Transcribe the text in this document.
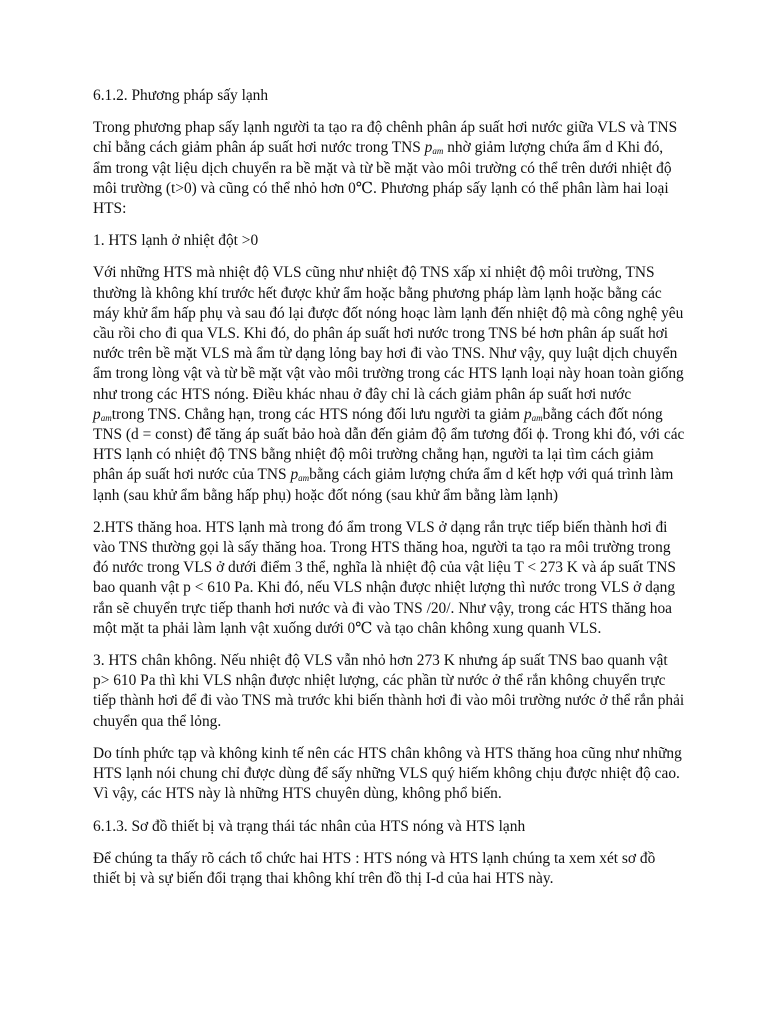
6.1.2. Phương pháp sấy lạnh

Trong phương phap sấy lạnh người ta tạo ra độ chênh phân áp suất hơi nước giữa VLS và TNS chỉ bằng cách giảm phân áp suất hơi nước trong TNS $p_{am}$ nhờ giảm lượng chứa ẩm d Khi đó, ẩm trong vật liệu dịch chuyển ra bề mặt và từ bề mặt vào môi trường có thể trên dưới nhiệt độ môi trường (t>0) và cũng có thể nhỏ hơn 0℃. Phương pháp sấy lạnh có thể phân làm hai loại HTS:

1. HTS lạnh ở nhiệt đột >0

Với những HTS mà nhiệt độ VLS cũng như nhiệt độ TNS xấp xỉ nhiệt độ môi trường, TNS thường là không khí trước hết được khử ẩm hoặc bằng phương pháp làm lạnh hoặc bằng các máy khử ẩm hấp phụ và sau đó lại được đốt nóng hoạc làm lạnh đến nhiệt độ mà công nghệ yêu cầu rồi cho đi qua VLS. Khi đó, do phân áp suất hơi nước trong TNS bé hơn phân áp suất hơi nước trên bề mặt VLS mà ẩm từ dạng lỏng bay hơi đi vào TNS. Như vậy, quy luật dịch chuyển ẩm trong lòng vật và từ bề mặt vật vào môi trường trong các HTS lạnh loại này hoan toàn giống như trong các HTS nóng. Điều khác nhau ở đây chỉ là cách giảm phân áp suất hơi nước $p_{am}trong$ TNS. Chẳng hạn, trong các HTS nóng đối lưu người ta giảm $p_{am}bằng$ cách đốt nóng TNS (d = const) để tăng áp suất bảo hoà dẫn đến giảm độ ẩm tương đối ϕ. Trong khi đó, với các HTS lạnh có nhiệt độ TNS bằng nhiệt độ môi trường chẳng hạn, người ta lại tìm cách giảm phân áp suất hơi nước của TNS $p_{am}bằng$ cách giảm lượng chứa ẩm d kết hợp với quá trình làm lạnh (sau khử ẩm bằng hấp phụ) hoặc đốt nóng (sau khử ẩm bằng làm lạnh)

2.HTS thăng hoa. HTS lạnh mà trong đó ẩm trong VLS ở dạng rắn trực tiếp biến thành hơi đi vào TNS thường gọi là sấy thăng hoa. Trong HTS thăng hoa, người ta tạo ra môi trường trong đó nước trong VLS ở dưới điểm 3 thể, nghĩa là nhiệt độ của vật liệu T < 273 K và áp suất TNS bao quanh vật p < 610 Pa. Khi đó, nếu VLS nhận được nhiệt lượng thì nước trong VLS ở dạng rắn sẽ chuyển trực tiếp thanh hơi nước và đi vào TNS /20/. Như vậy, trong các HTS thăng hoa một mặt ta phải làm lạnh vật xuống dưới 0℃ và tạo chân không xung quanh VLS.

3. HTS chân không. Nếu nhiệt độ VLS vẫn nhỏ hơn 273 K nhưng áp suất TNS bao quanh vật p> 610 Pa thì khi VLS nhận được nhiệt lượng, các phần từ nước ở thể rắn không chuyển trực tiếp thành hơi để đi vào TNS mà trước khi biến thành hơi đi vào môi trường nước ở thể rắn phải chuyển qua thể lỏng.

Do tính phức tạp và không kinh tế nên các HTS chân không và HTS thăng hoa cũng như những HTS lạnh nói chung chỉ được dùng để sấy những VLS quý hiếm không chịu được nhiệt độ cao. Vì vậy, các HTS này là những HTS chuyên dùng, không phổ biến.

6.1.3. Sơ đồ thiết bị và trạng thái tác nhân của HTS nóng và HTS lạnh

Để chúng ta thấy rõ cách tổ chức hai HTS : HTS nóng và HTS lạnh chúng ta xem xét sơ đồ thiết bị và sự biến đổi trạng thai không khí trên đồ thị I-d của hai HTS này.
